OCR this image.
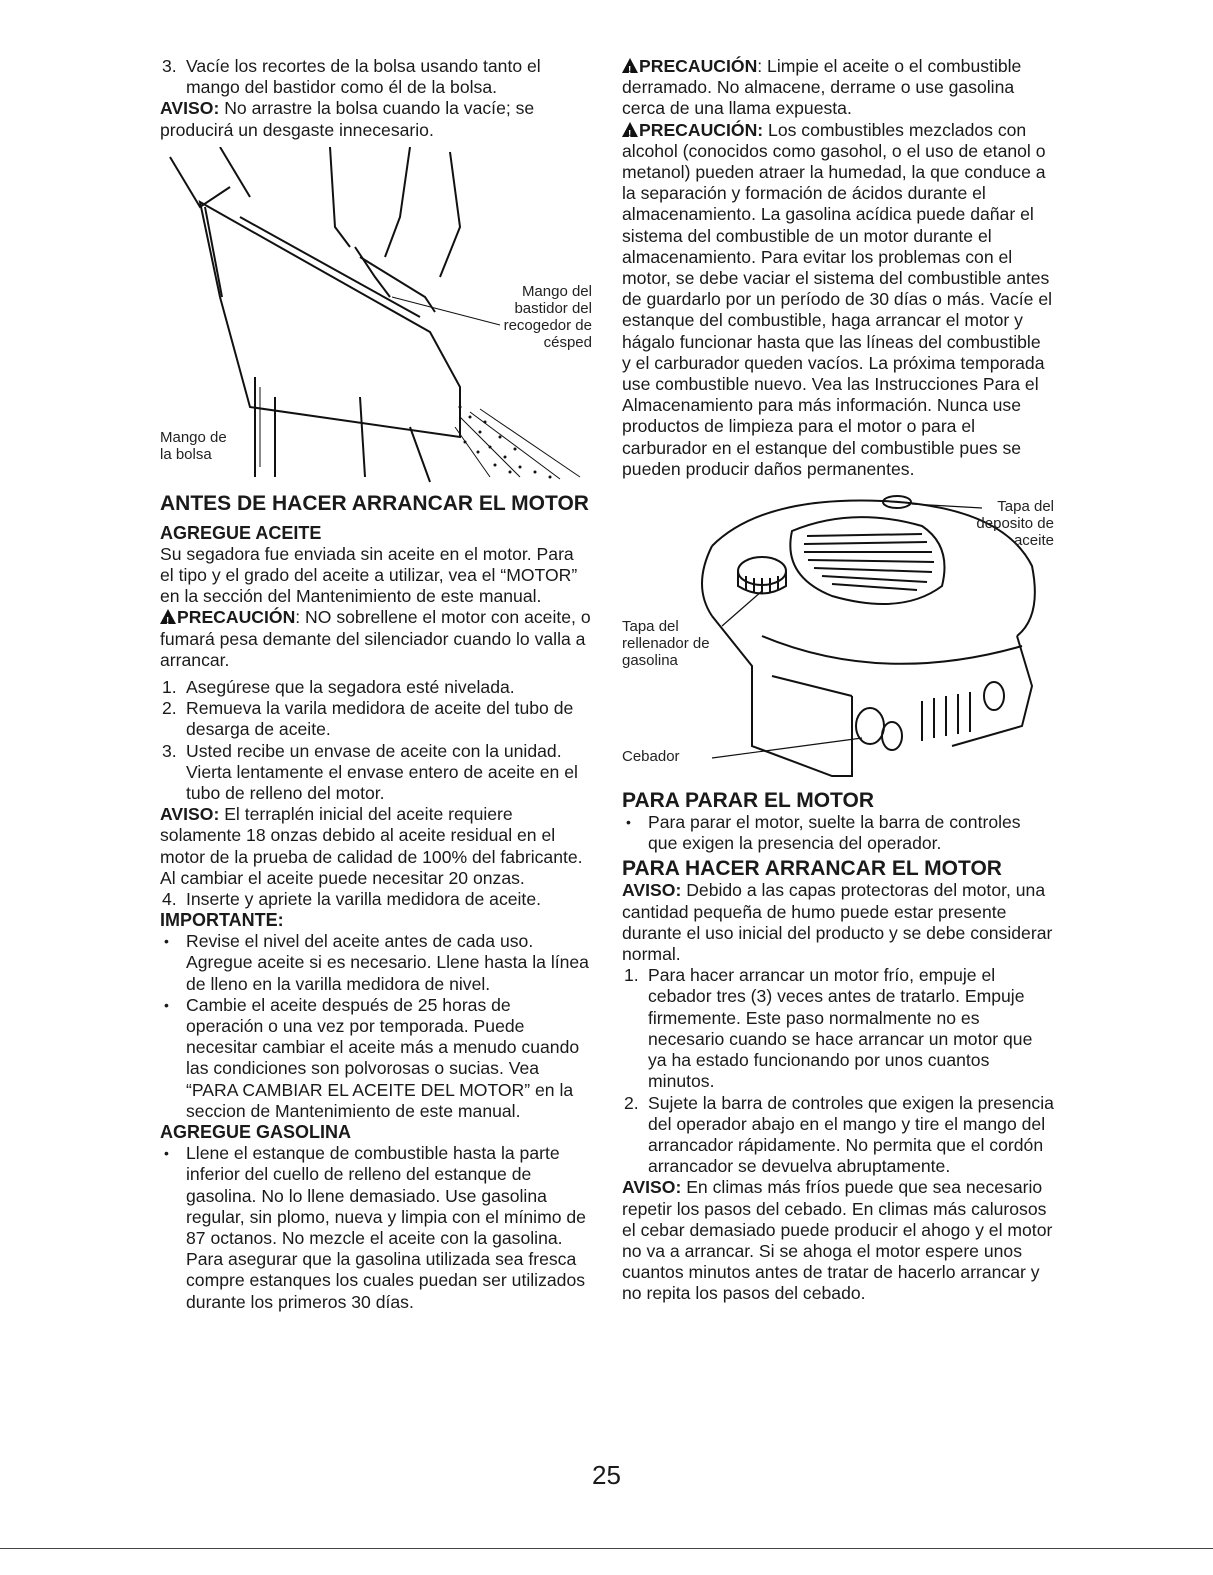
3. Vacíe los recortes de la bolsa usando tanto el mango del bastidor como él de la bolsa.

AVISO: No arrastre la bolsa cuando la vacíe; se producirá un desgaste innecesario.

Mango del bastidor del recogedor de césped
Mango de la bolsa
ANTES DE HACER ARRANCAR EL MOTOR
AGREGUE ACEITE

Su segadora fue enviada sin aceite en el motor. Para el tipo y el grado del aceite a utilizar, vea el “MOTOR” en la sección del Mantenimiento de este manual.

!PRECAUCIÓN: NO sobrellene el motor con aceite, o fumará pesa demante del silenciador cuando lo valla a arrancar.

1. Asegúrese que la segadora esté nivelada.
2. Remueva la varila medidora de aceite del tubo de desarga de aceite.
3. Usted recibe un envase de aceite con la unidad. Vierta lentamente el envase entero de aceite en el tubo de relleno del motor.

AVISO: El terraplén inicial del aceite requiere solamente 18 onzas debido al aceite residual en el motor de la prueba de calidad de 100% del fabricante. Al cambiar el aceite puede necesitar 20 onzas.

4. Inserte y apriete la varilla medidora de aceite.
IMPORTANTE:
• Revise el nivel del aceite antes de cada uso. Agregue aceite si es necesario. Llene hasta la línea de lleno en la varilla medidora de nivel.
• Cambie el aceite después de 25 horas de operación o una vez por temporada. Puede necesitar cambiar el aceite más a menudo cuando las condiciones son polvorosas o sucias. Vea “PARA CAMBIAR EL ACEITE DEL MOTOR” en la seccion de Mantenimiento de este manual.
AGREGUE GASOLINA
• Llene el estanque de combustible hasta la parte inferior del cuello de relleno del estanque de gasolina. No lo llene demasiado. Use gasolina regular, sin plomo, nueva y limpia con el mínimo de 87 octanos. No mezcle el aceite con la gasolina. Para asegurar que la gasolina utilizada sea fresca compre estanques los cuales puedan ser utilizados durante los primeros 30 días.

!PRECAUCIÓN: Limpie el aceite o el combustible derramado. No almacene, derrame o use gasolina cerca de una llama expuesta.

!PRECAUCIÓN: Los combustibles mezclados con alcohol (conocidos como gasohol, o el uso de etanol o metanol) pueden atraer la humedad, la que conduce a la separación y formación de ácidos durante el almacenamiento. La gasolina acídica puede dañar el sistema del combustible de un motor durante el almacenamiento. Para evitar los problemas con el motor, se debe vaciar el sistema del combustible antes de guardarlo por un período de 30 días o más. Vacíe el estanque del combustible, haga arrancar el motor y hágalo funcionar hasta que las líneas del combustible y el carburador queden vacíos. La próxima temporada use combustible nuevo. Vea las Instrucciones Para el Almacenamiento para más información. Nunca use productos de limpieza para el motor o para el carburador en el estanque del combustible pues se pueden producir daños permanentes.

Tapa del deposito de aceite
Tapa del rellenador de gasolina
Cebador
PARA PARAR EL MOTOR
• Para parar el motor, suelte la barra de controles que exigen la presencia del operador.
PARA HACER ARRANCAR EL MOTOR

AVISO: Debido a las capas protectoras del motor, una cantidad pequeña de humo puede estar presente durante el uso inicial del producto y se debe considerar normal.

1. Para hacer arrancar un motor frío, empuje el cebador tres (3) veces antes de tratarlo. Empuje firmemente. Este paso normalmente no es necesario cuando se hace arrancar un motor que ya ha estado funcionando por unos cuantos minutos.
2. Sujete la barra de controles que exigen la presencia del operador abajo en el mango y tire el mango del arrancador rápidamente. No permita que el cordón arrancador se devuelva abruptamente.

AVISO: En climas más fríos puede que sea necesario repetir los pasos del cebado. En climas más calurosos el cebar demasiado puede producir el ahogo y el motor no va a arrancar. Si se ahoga el motor espere unos cuantos minutos antes de tratar de hacerlo arrancar y no repita los pasos del cebado.

25
